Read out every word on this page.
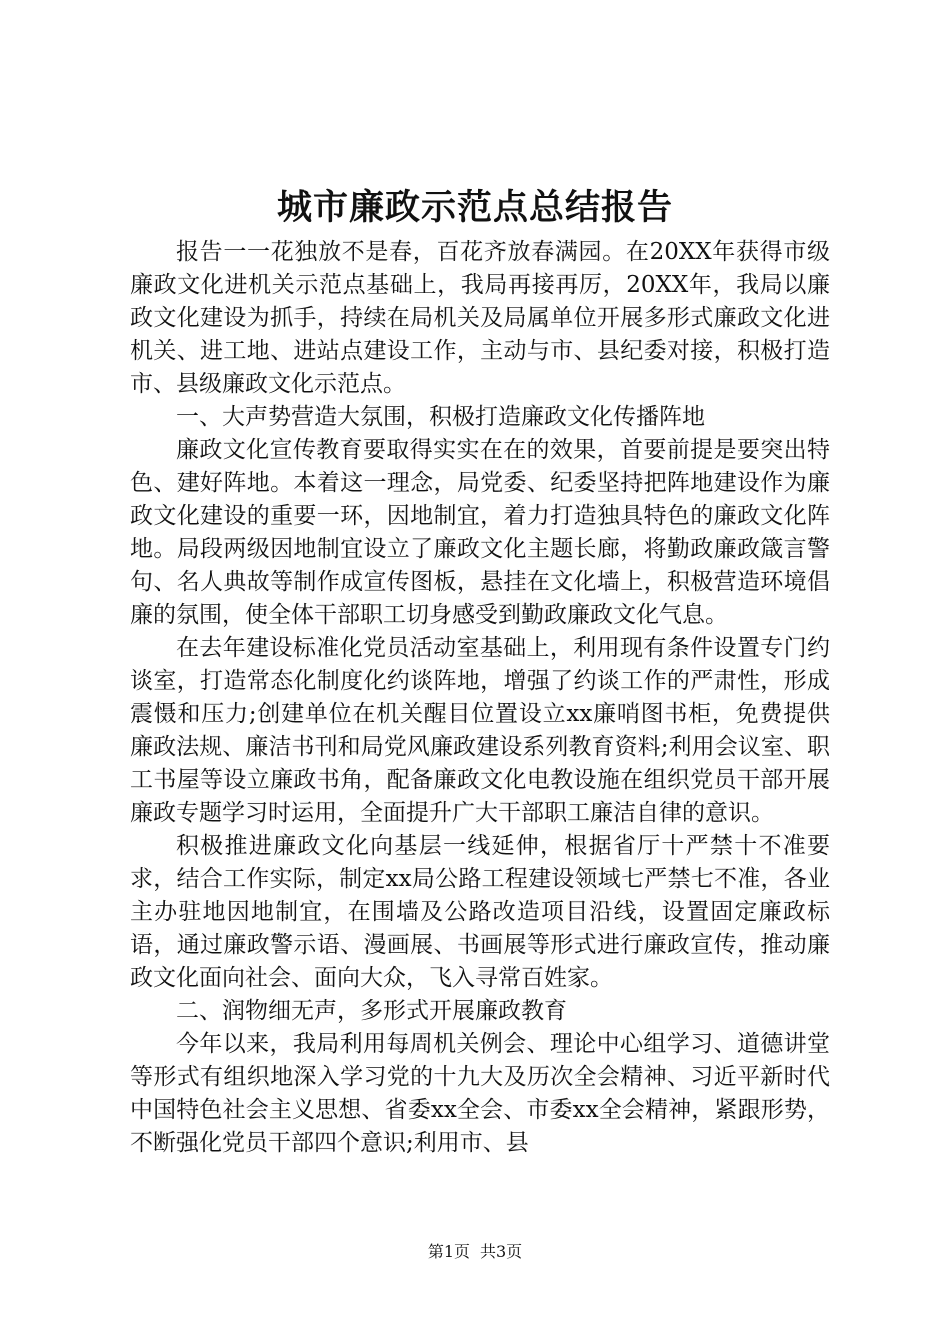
城市廉政示范点总结报告

报告一一花独放不是春，百花齐放春满园。在20XX年获得市级廉政文化进机关示范点基础上，我局再接再厉，20XX年，我局以廉政文化建设为抓手，持续在局机关及局属单位开展多形式廉政文化进机关、进工地、进站点建设工作，主动与市、县纪委对接，积极打造市、县级廉政文化示范点。

一、大声势营造大氛围，积极打造廉政文化传播阵地

廉政文化宣传教育要取得实实在在的效果，首要前提是要突出特色、建好阵地。本着这一理念，局党委、纪委坚持把阵地建设作为廉政文化建设的重要一环，因地制宜，着力打造独具特色的廉政文化阵地。局段两级因地制宜设立了廉政文化主题长廊，将勤政廉政箴言警句、名人典故等制作成宣传图板，悬挂在文化墙上，积极营造环境倡廉的氛围，使全体干部职工切身感受到勤政廉政文化气息。

在去年建设标准化党员活动室基础上，利用现有条件设置专门约谈室，打造常态化制度化约谈阵地，增强了约谈工作的严肃性，形成震慑和压力;创建单位在机关醒目位置设立xx廉哨图书柜，免费提供廉政法规、廉洁书刊和局党风廉政建设系列教育资料;利用会议室、职工书屋等设立廉政书角，配备廉政文化电教设施在组织党员干部开展廉政专题学习时运用，全面提升广大干部职工廉洁自律的意识。

积极推进廉政文化向基层一线延伸，根据省厅十严禁十不准要求，结合工作实际，制定xx局公路工程建设领域七严禁七不准，各业主办驻地因地制宜，在围墙及公路改造项目沿线，设置固定廉政标语，通过廉政警示语、漫画展、书画展等形式进行廉政宣传，推动廉政文化面向社会、面向大众，飞入寻常百姓家。

二、润物细无声，多形式开展廉政教育

今年以来，我局利用每周机关例会、理论中心组学习、道德讲堂等形式有组织地深入学习党的十九大及历次全会精神、习近平新时代中国特色社会主义思想、省委xx全会、市委xx全会精神，紧跟形势，不断强化党员干部四个意识;利用市、县

第1页 共3页
